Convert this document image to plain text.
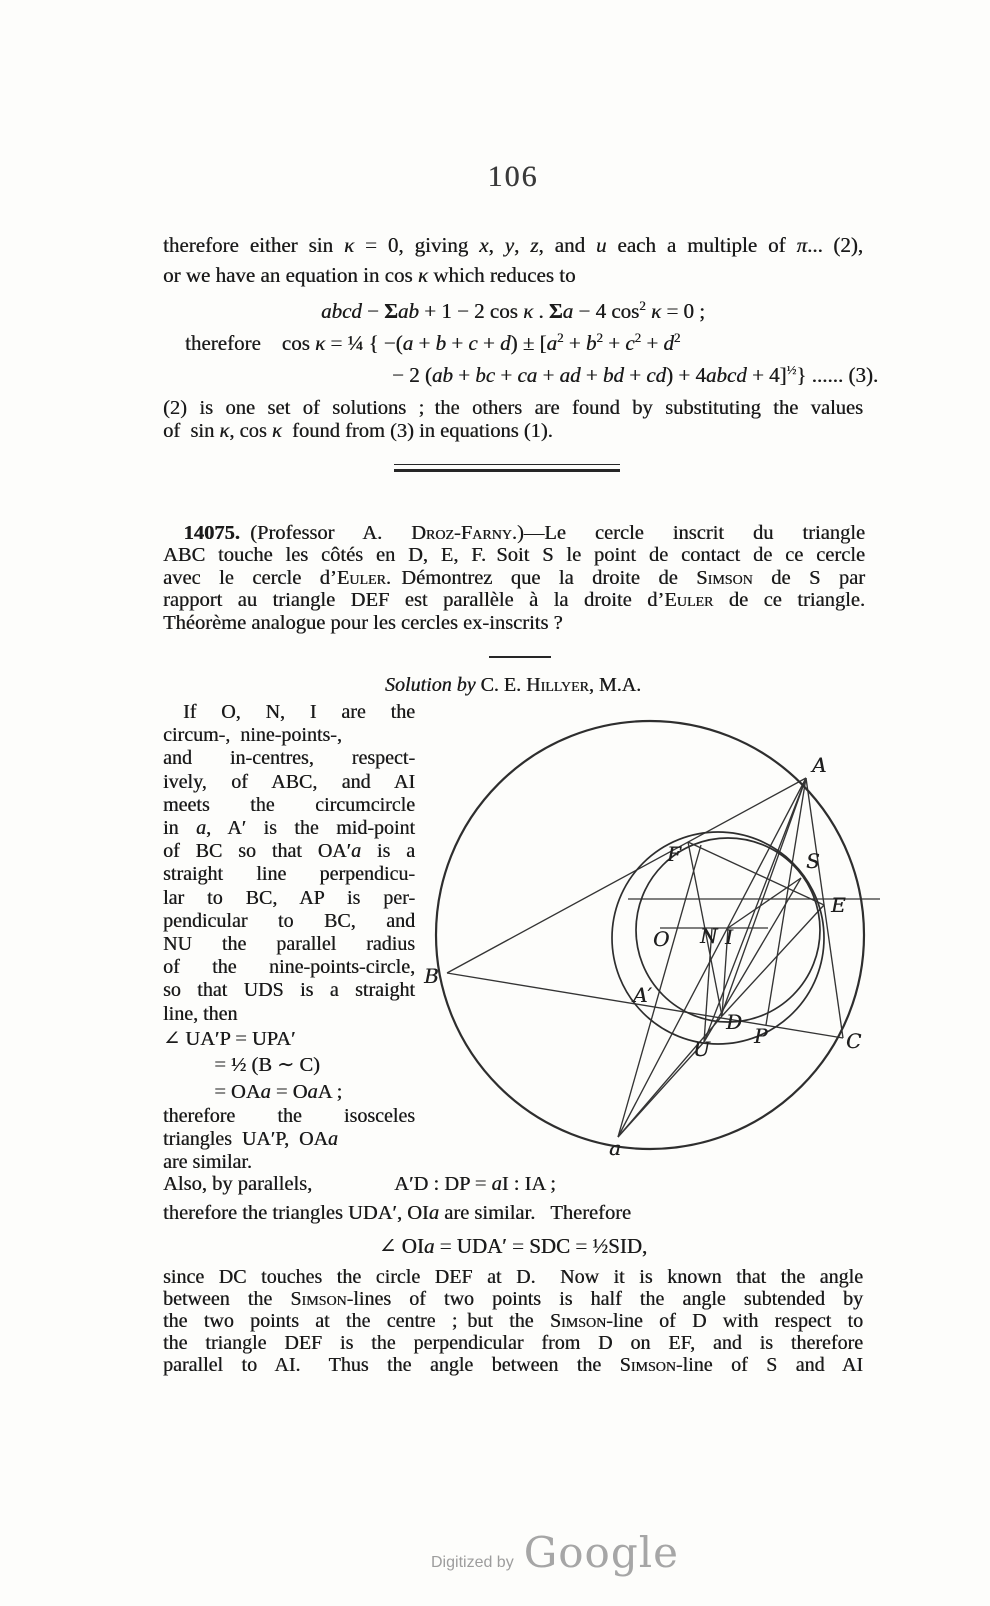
106
therefore either sin κ = 0, giving x, y, z, and u each a multiple of π... (2),
or we have an equation in cos κ which reduces to
abcd − Σab + 1 − 2 cos κ . Σa − 4 $\cos^2 \kappa = 0$ ;
therefore cos κ = ¼ { $-(a + b + c + d) \pm [a^2 + b^2 + c^2 + d^2$
− 2 (ab + bc + ca + ad + bd + cd) + 4abcd + 4]$^{\frac{1}{2}}$} ...... (3).
(2) is one set of solutions ; the others are found by substituting the values
of sin κ, cos κ found from (3) in equations (1).
  14075. (Professor A. Droz-Farny.)—Le cercle inscrit du triangle
ABC touche les côtés en D, E, F. Soit S le point de contact de ce cercle
avec le cercle d’Euler. Démontrez que la droite de Simson de S par
rapport au triangle DEF est parallèle à la droite d’Euler de ce triangle.
Théorème analogue pour les cercles ex-inscrits ?
Solution by C. E. Hillyer, M.A.
  If O, N, I are the
circum-, nine-points-,
and in-centres, respect-
ively, of ABC, and AI
meets the circumcircle
in a, A′ is the mid-point
of BC so that OA′a is a
straight line perpendicu-
lar to BC, AP is per-
pendicular to BC, and
NU the parallel radius
of the nine-points-circle,
so that UDS is a straight
line, then
∠ UA′P = UPA′
   = ½ (B ∼ C)
   = OAa = OaA ;
therefore the isosceles
triangles UA′P, OAa
are similar.
A
B
C
a
A′
F	S
E
O N I
D
U
P
Also, by parallels,    	A′D : DP = aI : IA ;
therefore the triangles UDA′, OIa are similar.  Therefore
∠ OIa = UDA′ = SDC = ½SID,
since DC touches the circle DEF at D.  Now it is known that the angle
between the Simson-lines of two points is half the angle subtended by
the two points at the centre ; but the Simson-line of D with respect to
the triangle DEF is the perpendicular from D on EF, and is therefore
parallel to AI.  Thus the angle between the Simson-line of S and AI
Digitized by Google
